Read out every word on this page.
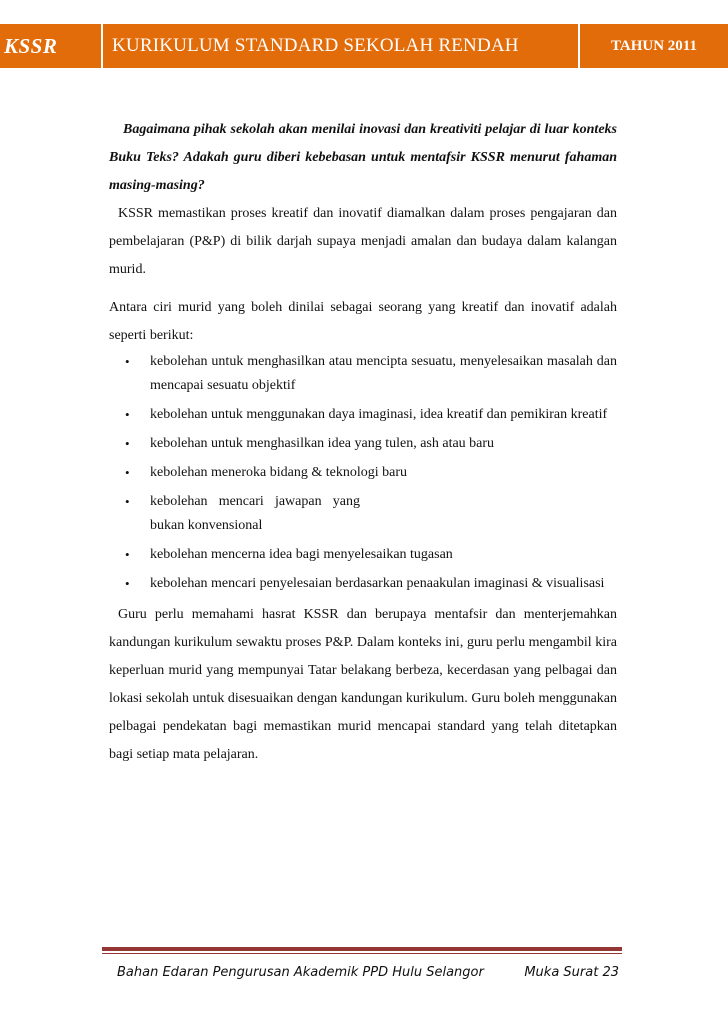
KSSR	KURIKULUM STANDARD SEKOLAH RENDAH	TAHUN 2011

Bagaimana pihak sekolah akan menilai inovasi dan kreativiti pelajar di luar konteks Buku Teks? Adakah guru diberi kebebasan untuk mentafsir KSSR menurut fahaman masing-masing?

KSSR memastikan proses kreatif dan inovatif diamalkan dalam proses pengajaran dan pembelajaran (P&P) di bilik darjah supaya menjadi amalan dan budaya dalam kalangan murid.

Antara ciri murid yang boleh dinilai sebagai seorang yang kreatif dan inovatif adalah seperti berikut:

• kebolehan untuk menghasilkan atau mencipta sesuatu, menyelesaikan masalah dan mencapai sesuatu objektif
• kebolehan untuk menggunakan daya imaginasi, idea kreatif dan pemikiran kreatif
• kebolehan untuk menghasilkan idea yang tulen, ash atau baru
• kebolehan meneroka bidang & teknologi baru
• kebolehan mencari jawapan yang bukan konvensional
• kebolehan mencerna idea bagi menyelesaikan tugasan
• kebolehan mencari penyelesaian berdasarkan penaakulan imaginasi & visualisasi

Guru perlu memahami hasrat KSSR dan berupaya mentafsir dan menterjemahkan kandungan kurikulum sewaktu proses P&P. Dalam konteks ini, guru perlu mengambil kira keperluan murid yang mempunyai Tatar belakang berbeza, kecerdasan yang pelbagai dan lokasi sekolah untuk disesuaikan dengan kandungan kurikulum. Guru boleh menggunakan pelbagai pendekatan bagi memastikan murid mencapai standard yang telah ditetapkan bagi setiap mata pelajaran.

Bahan Edaran Pengurusan Akademik PPD Hulu Selangor	Muka Surat 23
